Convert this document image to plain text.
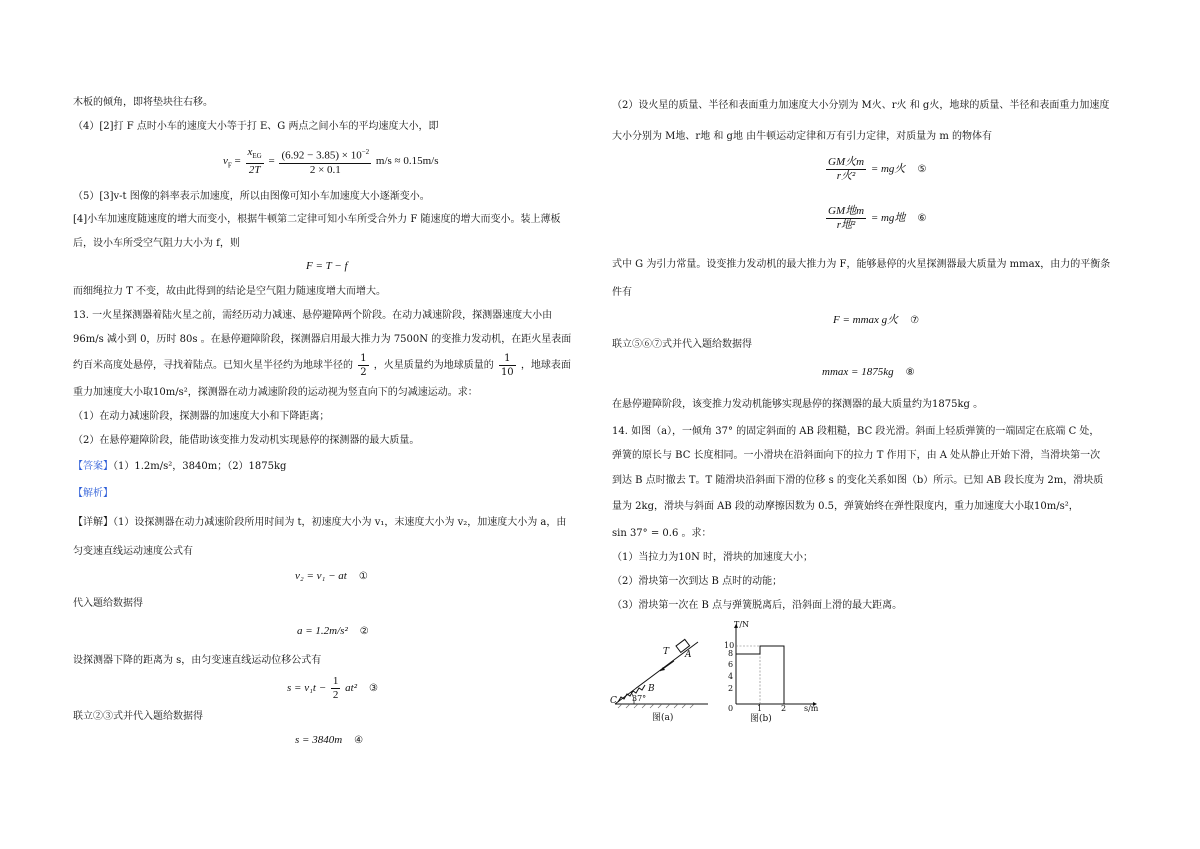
木板的倾角，即将垫块往右移。
（4）[2]打 F 点时小车的速度大小等于打 E、G 两点之间小车的平均速度大小，即
$v_F = \frac{x_{EG}}{2T} = \frac{(6.92 - 3.85) \times 10^{-2}}{2 \times 0.1} m/s \approx 0.15m/s$
（5）[3]v-t 图像的斜率表示加速度，所以由图像可知小车加速度大小逐渐变小。
[4]小车加速度随速度的增大而变小，根据牛顿第二定律可知小车所受合外力 F 随速度的增大而变小。装上薄板
后，设小车所受空气阻力大小为 f，则
F = T − f
而细绳拉力 T 不变，故由此得到的结论是空气阻力随速度增大而增大。
13. 一火星探测器着陆火星之前，需经历动力减速、悬停避障两个阶段。在动力减速阶段，探测器速度大小由
96m/s 减小到 0，历时 80s 。在悬停避障阶段，探测器启用最大推力为 7500N 的变推力发动机，在距火星表面
约百米高度处悬停，寻找着陆点。已知火星半径约为地球半径的 $\frac{1}{2}$ ，火星质量约为地球质量的 $\frac{1}{10}$ ，地球表面
重力加速度大小取10m/s²，探测器在动力减速阶段的运动视为竖直向下的匀减速运动。求：
（1）在动力减速阶段，探测器的加速度大小和下降距离；
（2）在悬停避障阶段，能借助该变推力发动机实现悬停的探测器的最大质量。
【答案】（1）1.2m/s²，3840m；（2）1875kg
【解析】
【详解】（1）设探测器在动力减速阶段所用时间为 t，初速度大小为 v₁，末速度大小为 v₂，加速度大小为 a，由
匀变速直线运动速度公式有
v₂ = v₁ − at ①
代入题给数据得
a = 1.2m/s² ②
设探测器下降的距离为 s，由匀变速直线运动位移公式有
$s = v_1t - \frac{1}{2} at^2$ ③
联立②③式并代入题给数据得
s = 3840m ④
（2）设火星的质量、半径和表面重力加速度大小分别为 M火、r火 和 g火，地球的质量、半径和表面重力加速度
大小分别为 M地、r地 和 g地 由牛顿运动定律和万有引力定律，对质量为 m 的物体有
$\frac{\text{GM火m}}{\text{r火²}}$ = mg火 ⑤
$\frac{\text{GM地m}}{\text{r地²}}$ = mg地 ⑥
式中 G 为引力常量。设变推力发动机的最大推力为 F，能够悬停的火星探测器最大质量为 mmax，由力的平衡条
件有
F = mmax g火 ⑦
联立⑤⑥⑦式并代入题给数据得
mmax = 1875kg ⑧
在悬停避障阶段，该变推力发动机能够实现悬停的探测器的最大质量约为1875kg 。
14. 如图（a），一倾角 37° 的固定斜面的 AB 段粗糙，BC 段光滑。斜面上轻质弹簧的一端固定在底端 C 处，
弹簧的原长与 BC 长度相同。一小滑块在沿斜面向下的拉力 T 作用下，由 A 处从静止开始下滑，当滑块第一次
到达 B 点时撤去 T。T 随滑块沿斜面下滑的位移 s 的变化关系如图（b）所示。已知 AB 段长度为 2m，滑块质
量为 2kg，滑块与斜面 AB 段的动摩擦因数为 0.5，弹簧始终在弹性限度内，重力加速度大小取10m/s²，
sin 37° = 0.6 。求：
（1）当拉力为10N 时，滑块的加速度大小；
（2）滑块第一次到达 B 点时的动能；
（3）滑块第一次在 B 点与弹簧脱离后，沿斜面上滑的最大距离。
T A
B
C 37°
图(a)
T/N
10
8
6
4
2
0	1 2 s/m
图(b)
